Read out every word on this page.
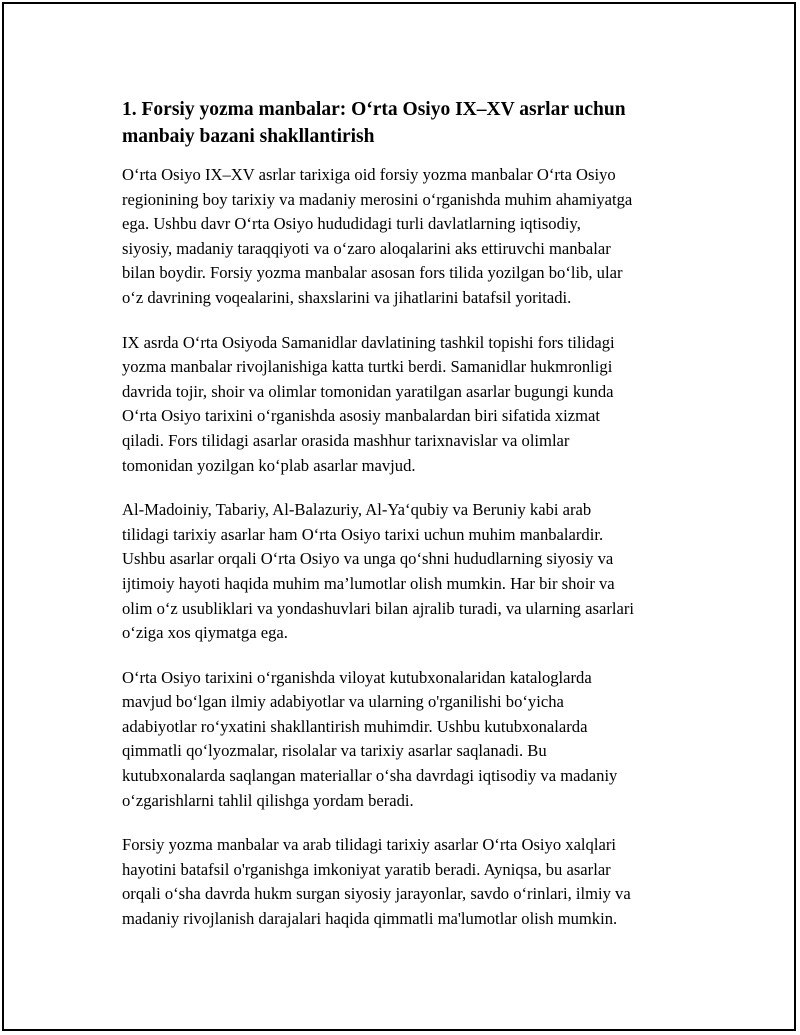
1. Forsiy yozma manbalar: O‘rta Osiyo IX–XV asrlar uchun
manbaiy bazani shakllantirish

O‘rta Osiyo IX–XV asrlar tarixiga oid forsiy yozma manbalar O‘rta Osiyo
regionining boy tarixiy va madaniy merosini o‘rganishda muhim ahamiyatga
ega. Ushbu davr O‘rta Osiyo hududidagi turli davlatlarning iqtisodiy,
siyosiy, madaniy taraqqiyoti va o‘zaro aloqalarini aks ettiruvchi manbalar
bilan boydir. Forsiy yozma manbalar asosan fors tilida yozilgan bo‘lib, ular
o‘z davrining voqealarini, shaxslarini va jihatlarini batafsil yoritadi.

IX asrda O‘rta Osiyoda Samanidlar davlatining tashkil topishi fors tilidagi
yozma manbalar rivojlanishiga katta turtki berdi. Samanidlar hukmronligi
davrida tojir, shoir va olimlar tomonidan yaratilgan asarlar bugungi kunda
O‘rta Osiyo tarixini o‘rganishda asosiy manbalardan biri sifatida xizmat
qiladi. Fors tilidagi asarlar orasida mashhur tarixnavislar va olimlar
tomonidan yozilgan ko‘plab asarlar mavjud.

Al-Madoiniy, Tabariy, Al-Balazuriy, Al-Ya‘qubiy va Beruniy kabi arab
tilidagi tarixiy asarlar ham O‘rta Osiyo tarixi uchun muhim manbalardir.
Ushbu asarlar orqali O‘rta Osiyo va unga qo‘shni hududlarning siyosiy va
ijtimoiy hayoti haqida muhim ma’lumotlar olish mumkin. Har bir shoir va
olim o‘z usubliklari va yondashuvlari bilan ajralib turadi, va ularning asarlari
o‘ziga xos qiymatga ega.

O‘rta Osiyo tarixini o‘rganishda viloyat kutubxonalaridan kataloglarda
mavjud bo‘lgan ilmiy adabiyotlar va ularning o'rganilishi bo‘yicha
adabiyotlar ro‘yxatini shakllantirish muhimdir. Ushbu kutubxonalarda
qimmatli qo‘lyozmalar, risolalar va tarixiy asarlar saqlanadi. Bu
kutubxonalarda saqlangan materiallar o‘sha davrdagi iqtisodiy va madaniy
o‘zgarishlarni tahlil qilishga yordam beradi.

Forsiy yozma manbalar va arab tilidagi tarixiy asarlar O‘rta Osiyo xalqlari
hayotini batafsil o'rganishga imkoniyat yaratib beradi. Ayniqsa, bu asarlar
orqali o‘sha davrda hukm surgan siyosiy jarayonlar, savdo o‘rinlari, ilmiy va
madaniy rivojlanish darajalari haqida qimmatli ma'lumotlar olish mumkin.
